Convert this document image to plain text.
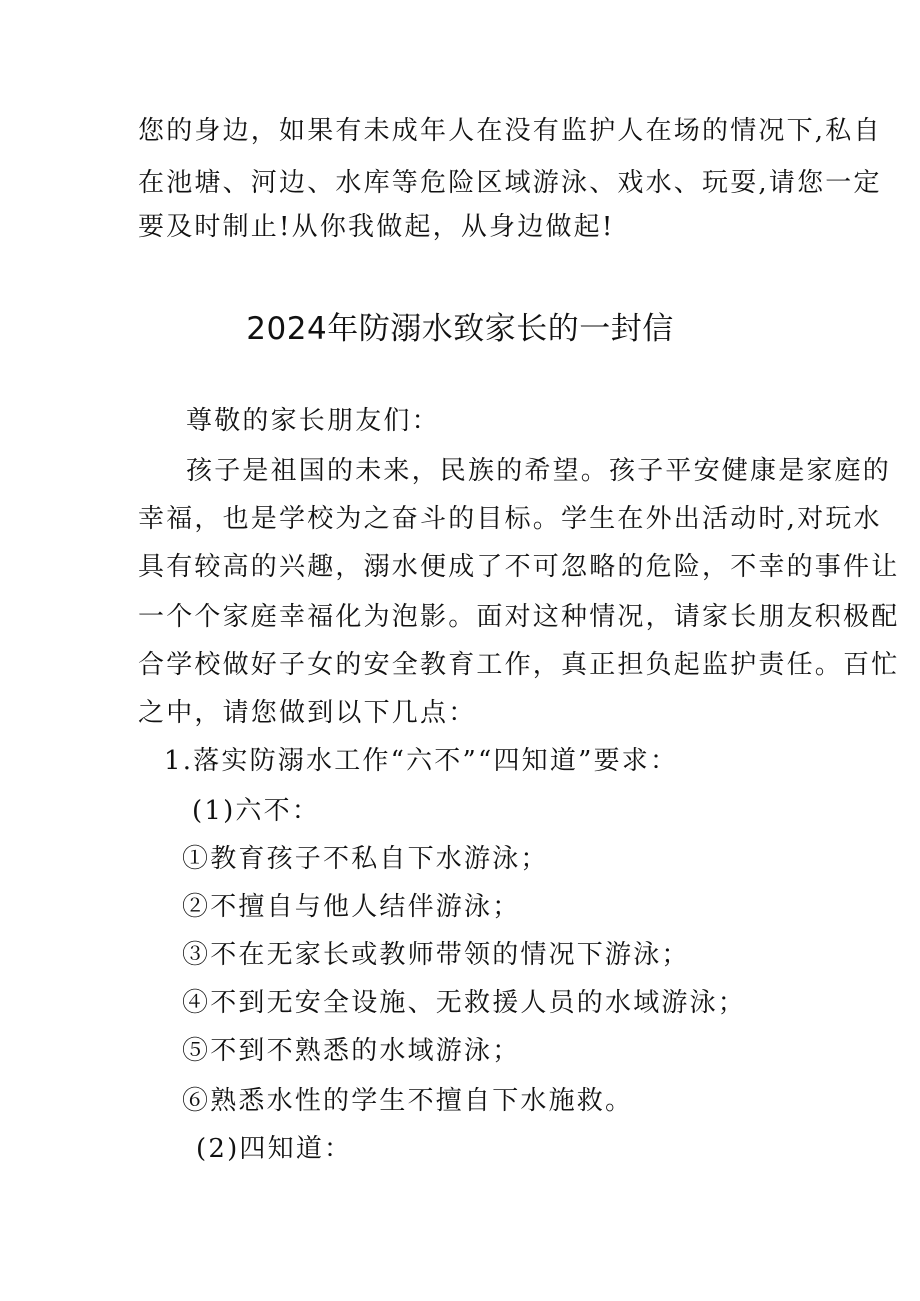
您的身边，如果有未成年人在没有监护人在场的情况下,私自
在池塘、河边、水库等危险区域游泳、戏水、玩耍,请您一定
要及时制止!从你我做起，从身边做起!
2024年防溺水致家长的一封信
尊敬的家长朋友们：
孩子是祖国的未来，民族的希望。孩子平安健康是家庭的
幸福，也是学校为之奋斗的目标。学生在外出活动时,对玩水
具有较高的兴趣，溺水便成了不可忽略的危险，不幸的事件让
一个个家庭幸福化为泡影。面对这种情况，请家长朋友积极配
合学校做好子女的安全教育工作，真正担负起监护责任。百忙
之中，请您做到以下几点：
1.落实防溺水工作“六不”“四知道”要求：
(1)六不：
①教育孩子不私自下水游泳；
②不擅自与他人结伴游泳；
③不在无家长或教师带领的情况下游泳；
④不到无安全设施、无救援人员的水域游泳；
⑤不到不熟悉的水域游泳；
⑥熟悉水性的学生不擅自下水施救。
(2)四知道：
